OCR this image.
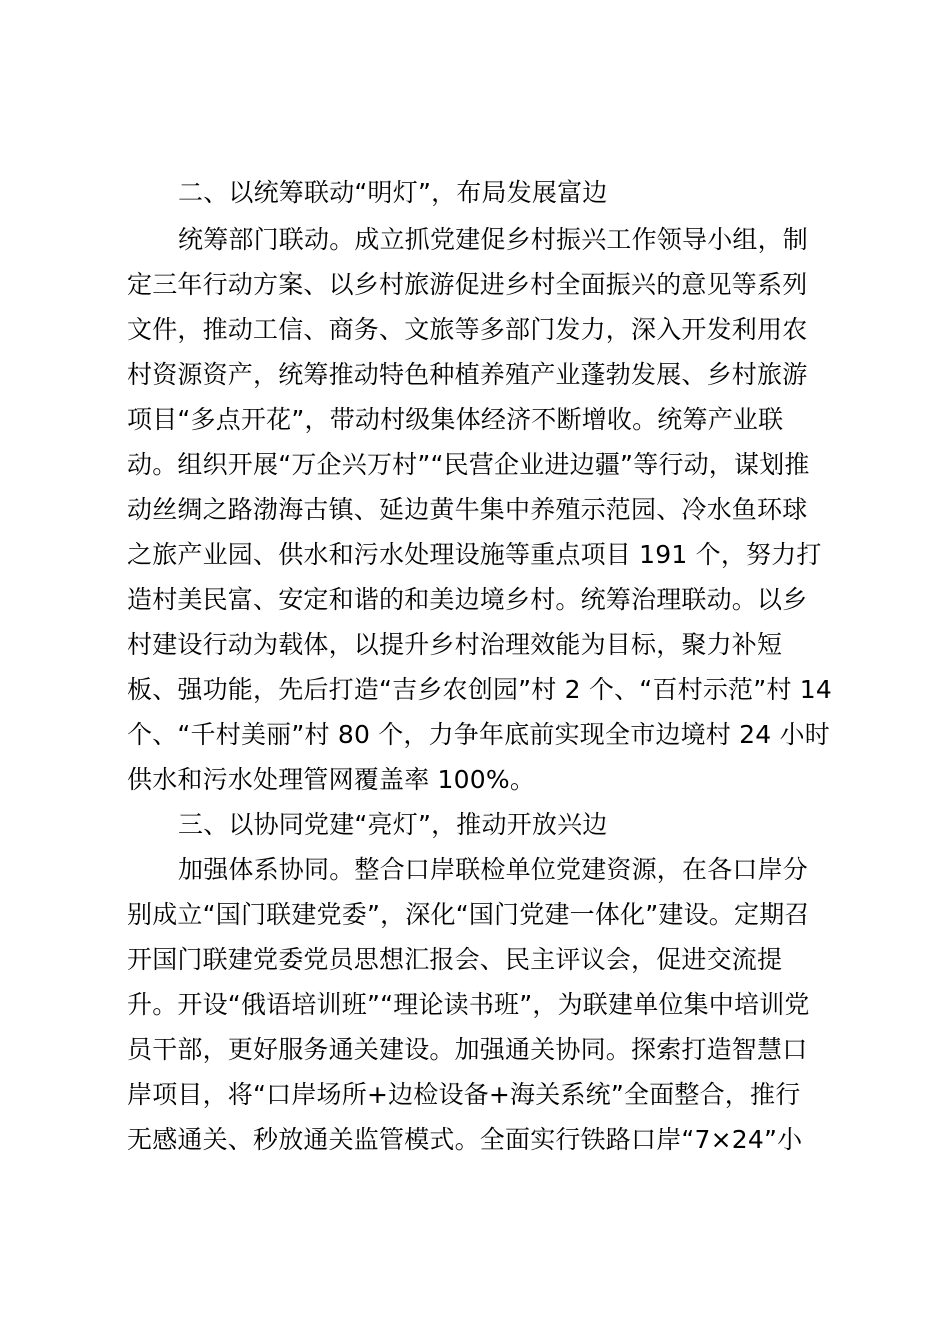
二、以统筹联动“明灯”，布局发展富边
统筹部门联动。成立抓党建促乡村振兴工作领导小组，制
定三年行动方案、以乡村旅游促进乡村全面振兴的意见等系列
文件，推动工信、商务、文旅等多部门发力，深入开发利用农
村资源资产，统筹推动特色种植养殖产业蓬勃发展、乡村旅游
项目“多点开花”，带动村级集体经济不断增收。统筹产业联
动。组织开展“万企兴万村”“民营企业进边疆”等行动，谋划推
动丝绸之路渤海古镇、延边黄牛集中养殖示范园、冷水鱼环球
之旅产业园、供水和污水处理设施等重点项目 191 个，努力打
造村美民富、安定和谐的和美边境乡村。统筹治理联动。以乡
村建设行动为载体，以提升乡村治理效能为目标，聚力补短
板、强功能，先后打造“吉乡农创园”村 2 个、“百村示范”村 14
个、“千村美丽”村 80 个，力争年底前实现全市边境村 24 小时
供水和污水处理管网覆盖率 100%。
三、以协同党建“亮灯”，推动开放兴边
加强体系协同。整合口岸联检单位党建资源，在各口岸分
别成立“国门联建党委”，深化“国门党建一体化”建设。定期召
开国门联建党委党员思想汇报会、民主评议会，促进交流提
升。开设“俄语培训班”“理论读书班”，为联建单位集中培训党
员干部，更好服务通关建设。加强通关协同。探索打造智慧口
岸项目，将“口岸场所+边检设备+海关系统”全面整合，推行
无感通关、秒放通关监管模式。全面实行铁路口岸“7×24”小
